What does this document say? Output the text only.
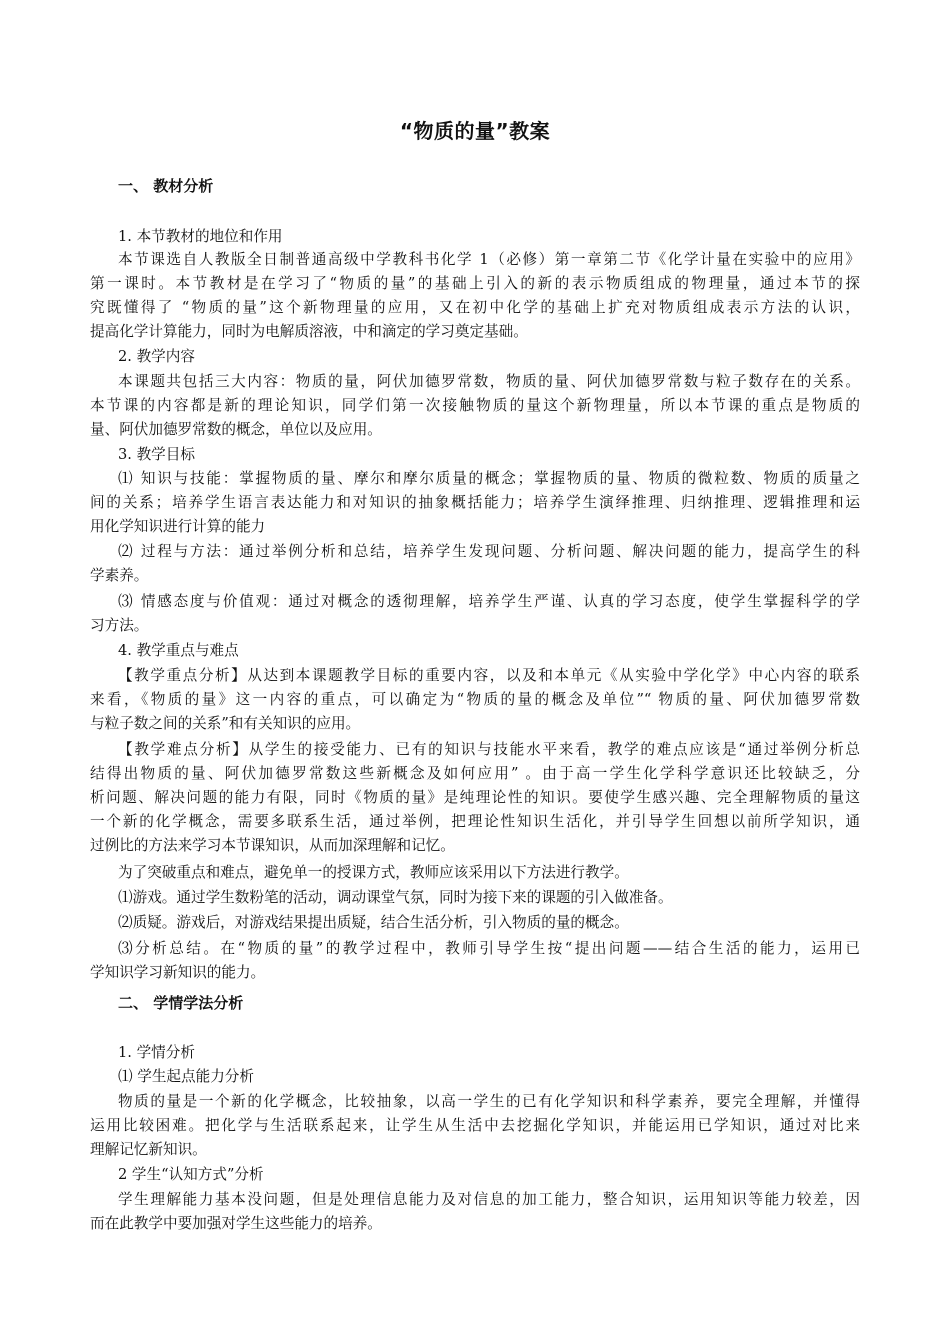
“物质的量”教案
一、 教材分析
1. 本节教材的地位和作用
本节课选自人教版全日制普通高级中学教科书化学 1（必修）第一章第二节《化学计量在实验中的应用》
第一课时。本节教材是在学习了“物质的量”的基础上引入的新的表示物质组成的物理量，通过本节的探
究既懂得了 “物质的量”这个新物理量的应用，又在初中化学的基础上扩充对物质组成表示方法的认识，
提高化学计算能力，同时为电解质溶液，中和滴定的学习奠定基础。
2. 教学内容
本课题共包括三大内容：物质的量，阿伏加德罗常数，物质的量、阿伏加德罗常数与粒子数存在的关系。
本节课的内容都是新的理论知识，同学们第一次接触物质的量这个新物理量，所以本节课的重点是物质的
量、阿伏加德罗常数的概念，单位以及应用。
3. 教学目标
⑴ 知识与技能：掌握物质的量、摩尔和摩尔质量的概念；掌握物质的量、物质的微粒数、物质的质量之
间的关系；培养学生语言表达能力和对知识的抽象概括能力；培养学生演绎推理、归纳推理、逻辑推理和运
用化学知识进行计算的能力
⑵ 过程与方法：通过举例分析和总结，培养学生发现问题、分析问题、解决问题的能力，提高学生的科
学素养。
⑶ 情感态度与价值观：通过对概念的透彻理解，培养学生严谨、认真的学习态度，使学生掌握科学的学
习方法。
4. 教学重点与难点
【教学重点分析】从达到本课题教学目标的重要内容，以及和本单元《从实验中学化学》中心内容的联系
来看，《物质的量》这一内容的重点，可以确定为“物质的量的概念及单位”“ 物质的量、阿伏加德罗常数
与粒子数之间的关系”和有关知识的应用。
【教学难点分析】从学生的接受能力、已有的知识与技能水平来看，教学的难点应该是“通过举例分析总
结得出物质的量、阿伏加德罗常数这些新概念及如何应用” 。由于高一学生化学科学意识还比较缺乏，分
析问题、解决问题的能力有限，同时《物质的量》是纯理论性的知识。要使学生感兴趣、完全理解物质的量这
一个新的化学概念，需要多联系生活，通过举例，把理论性知识生活化，并引导学生回想以前所学知识，通
过例比的方法来学习本节课知识，从而加深理解和记忆。
为了突破重点和难点，避免单一的授课方式，教师应该采用以下方法进行教学。
⑴游戏。通过学生数粉笔的活动，调动课堂气氛，同时为接下来的课题的引入做准备。
⑵质疑。游戏后，对游戏结果提出质疑，结合生活分析，引入物质的量的概念。
⑶分析总结。在“物质的量”的教学过程中，教师引导学生按“提出问题——结合生活的能力，运用已
学知识学习新知识的能力。
二、 学情学法分析
1. 学情分析
⑴ 学生起点能力分析
物质的量是一个新的化学概念，比较抽象，以高一学生的已有化学知识和科学素养，要完全理解，并懂得
运用比较困难。把化学与生活联系起来，让学生从生活中去挖掘化学知识，并能运用已学知识，通过对比来
理解记忆新知识。
2 学生“认知方式”分析
学生理解能力基本没问题，但是处理信息能力及对信息的加工能力，整合知识，运用知识等能力较差，因
而在此教学中要加强对学生这些能力的培养。
